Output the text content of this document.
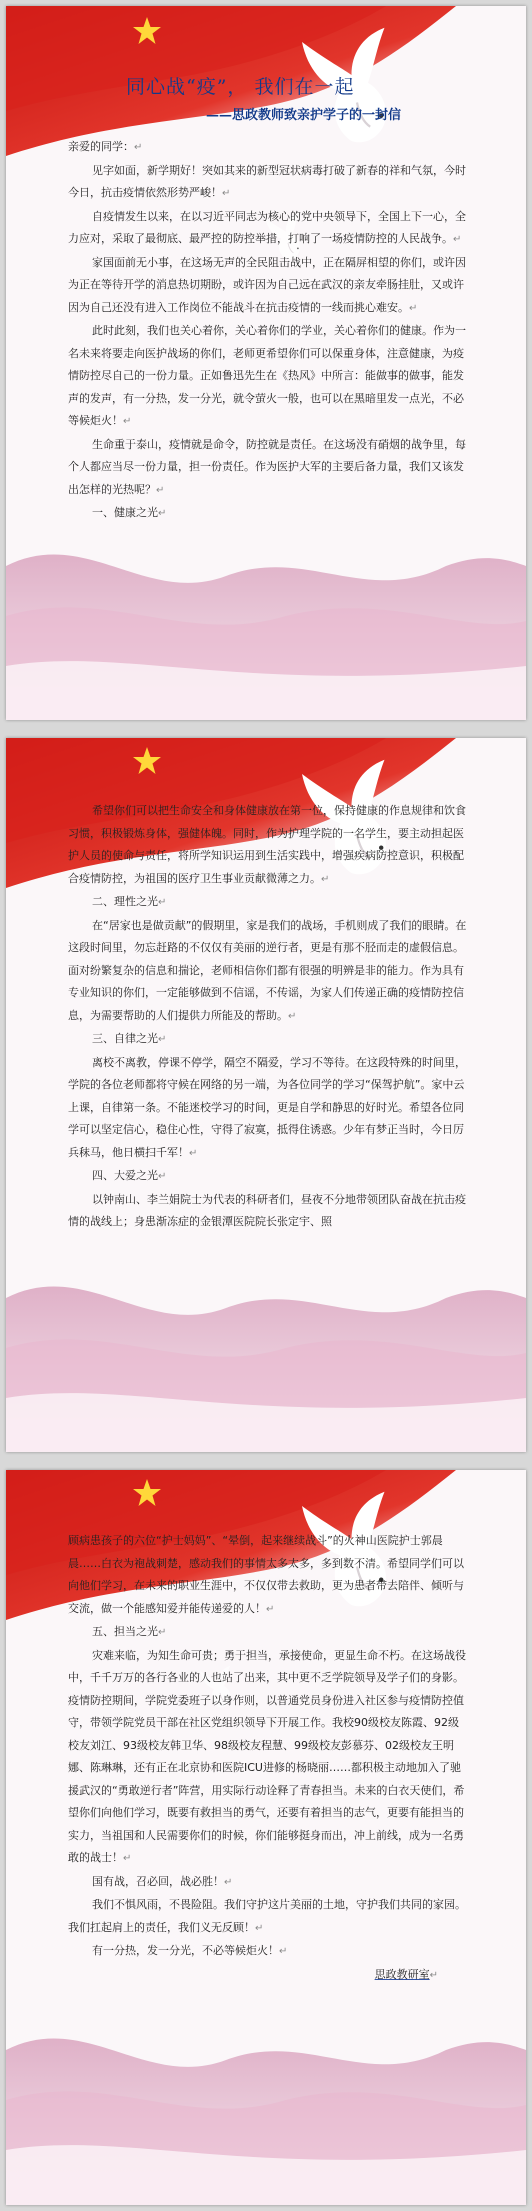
同心战“疫”， 我们在一起
——思政教师致亲护学子的一封信

亲爱的同学：↵

见字如面，新学期好！突如其来的新型冠状病毒打破了新春的祥和气氛，今时今日，抗击疫情依然形势严峻！↵

自疫情发生以来，在以习近平同志为核心的党中央领导下，全国上下一心，全力应对，采取了最彻底、最严控的防控举措，打响了一场疫情防控的人民战争。↵

家国面前无小事，在这场无声的全民阻击战中，正在隔屏相望的你们，或许因为正在等待开学的消息热切期盼，或许因为自己远在武汉的亲友牵肠挂肚，又或许因为自己还没有进入工作岗位不能战斗在抗击疫情的一线而挑心难安。↵

此时此刻，我们也关心着你，关心着你们的学业，关心着你们的健康。作为一名未来将要走向医护战场的你们，老师更希望你们可以保重身体，注意健康，为疫情防控尽自己的一份力量。正如鲁迅先生在《热风》中所言：能做事的做事，能发声的发声，有一分热，发一分光，就令萤火一般，也可以在黑暗里发一点光，不必等候炬火！↵

生命重于泰山，疫情就是命令，防控就是责任。在这场没有硝烟的战争里，每个人都应当尽一份力量，担一份责任。作为医护大军的主要后备力量，我们又该发出怎样的光热呢？↵

一、健康之光↵

希望你们可以把生命安全和身体健康放在第一位，保持健康的作息规律和饮食习惯，积极锻炼身体，强健体魄。同时，作为护理学院的一名学生，要主动担起医护人员的使命与责任，将所学知识运用到生活实践中，增强疾病防控意识，积极配合疫情防控，为祖国的医疗卫生事业贡献微薄之力。↵

二、理性之光↵

在“居家也是做贡献”的假期里，家是我们的战场，手机则成了我们的眼睛。在这段时间里，勿忘赶路的不仅仅有美丽的逆行者，更是有那不胫而走的虚假信息。面对纷繁复杂的信息和揣论，老师相信你们都有很强的明辨是非的能力。作为具有专业知识的你们，一定能够做到不信谣，不传谣，为家人们传递正确的疫情防控信息，为需要帮助的人们提供力所能及的帮助。↵

三、自律之光↵

离校不离教，停课不停学，隔空不隔爱，学习不等待。在这段特殊的时间里，学院的各位老师都将守候在网络的另一端，为各位同学的学习“保驾护航”。家中云上课，自律第一条。不能迷校学习的时间，更是自学和静思的好时光。希望各位同学可以坚定信心，稳住心性，守得了寂寞，抵得住诱惑。少年有梦正当时，今日厉兵秣马，他日横扫千军！↵

四、大爱之光↵

以钟南山、李兰娟院士为代表的科研者们，昼夜不分地带领团队奋战在抗击疫情的战线上；身患渐冻症的金银潭医院院长张定宇、照

顾病患孩子的六位“护士妈妈”、“晕倒，起来继续战斗”的火神山医院护士郭晨晨……白衣为袍战刺楚，感动我们的事情太多太多，多到数不清。希望同学们可以向他们学习，在未来的职业生涯中，不仅仅带去救助，更为患者带去陪伴、倾听与交流，做一个能感知爱并能传递爱的人！↵

五、担当之光↵

灾难来临，为知生命可贵；勇于担当，承接使命，更显生命不朽。在这场战役中，千千万万的各行各业的人也站了出来，其中更不乏学院领导及学子们的身影。疫情防控期间，学院党委班子以身作则，以普通党员身份进入社区参与疫情防控值守，带领学院党员干部在社区党组织领导下开展工作。我校90级校友陈霞、92级校友刘江、93级校友韩卫华、98级校友程慧、99级校友彭慕芬、02级校友王明娜、陈琳琳，还有正在北京协和医院ICU进修的杨晓丽……都积极主动地加入了驰援武汉的“勇敢逆行者”阵营，用实际行动诠释了青春担当。未来的白衣天使们，希望你们向他们学习，既要有救担当的勇气，还要有着担当的志气，更要有能担当的实力，当祖国和人民需要你们的时候，你们能够挺身而出，冲上前线，成为一名勇敢的战士！↵

国有战，召必回，战必胜！↵

我们不惧风雨，不畏险阻。我们守护这片美丽的土地，守护我们共同的家园。我们扛起肩上的责任，我们义无反顾！↵

有一分热，发一分光，不必等候炬火！↵

思政教研室↵
